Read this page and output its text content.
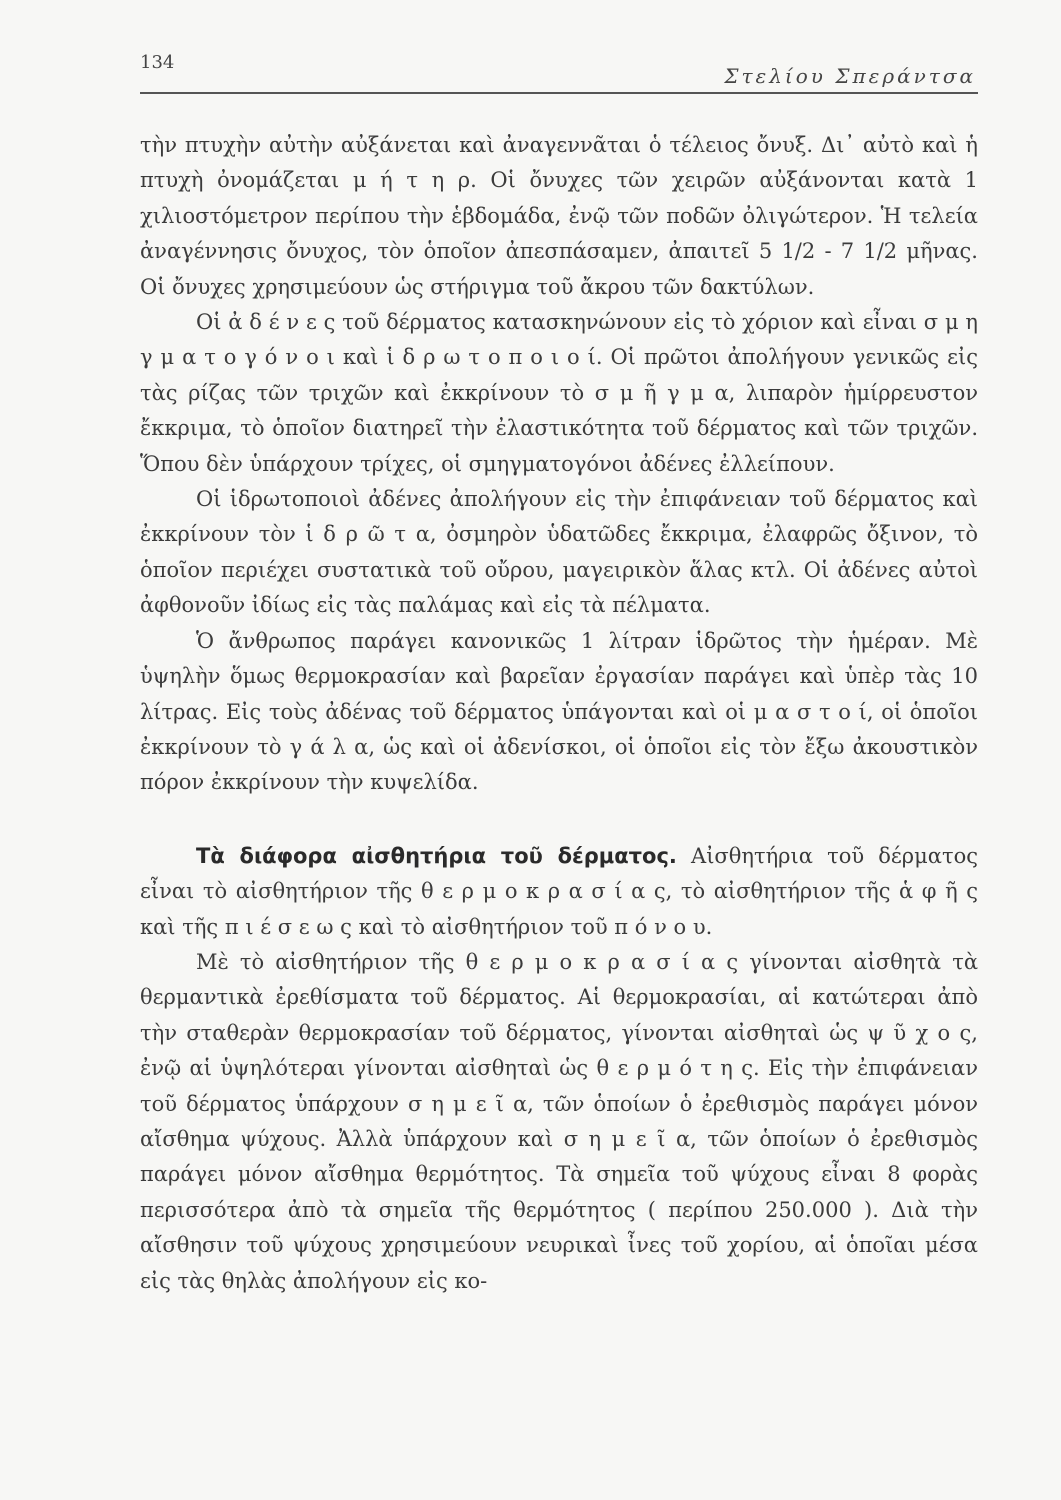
134
Στελίου Σπεράντσα

τὴν πτυχὴν αὐτὴν αὐξάνεται καὶ ἀναγεννᾶται ὁ τέλειος ὄνυξ. Δι᾽ αὐτὸ καὶ ἡ πτυχὴ ὀνομάζεται μ ή τ η ρ. Οἱ ὄνυχες τῶν χειρῶν αὐξάνονται κατὰ 1 χιλιοστόμετρον περίπου τὴν ἑβδομάδα, ἐνῷ τῶν ποδῶν ὀλιγώτερον. Ἡ τελεία ἀναγέννησις ὄνυχος, τὸν ὁποῖον ἀπεσπάσαμεν, ἀπαιτεῖ 5 1/2 - 7 1/2 μῆνας. Οἱ ὄνυχες χρησιμεύουν ὡς στήριγμα τοῦ ἄκρου τῶν δακτύλων.

Οἱ ἀ δ έ ν ε ς τοῦ δέρματος κατασκηνώνουν εἰς τὸ χόριον καὶ εἶναι σ μ η γ μ α τ ο γ ό ν ο ι καὶ ἱ δ ρ ω τ ο π ο ι ο ί. Οἱ πρῶτοι ἀπολήγουν γενικῶς εἰς τὰς ρίζας τῶν τριχῶν καὶ ἐκκρίνουν τὸ σ μ ῆ γ μ α, λιπαρὸν ἡμίρρευστον ἔκκριμα, τὸ ὁποῖον διατηρεῖ τὴν ἐλαστικότητα τοῦ δέρματος καὶ τῶν τριχῶν. Ὅπου δὲν ὑπάρχουν τρίχες, οἱ σμηγματογόνοι ἀδένες ἐλλείπουν.

Οἱ ἱδρωτοποιοὶ ἀδένες ἀπολήγουν εἰς τὴν ἐπιφάνειαν τοῦ δέρματος καὶ ἐκκρίνουν τὸν ἱ δ ρ ῶ τ α, ὀσμηρὸν ὑδατῶδες ἔκκριμα, ἐλαφρῶς ὄξινον, τὸ ὁποῖον περιέχει συστατικὰ τοῦ οὔρου, μαγειρικὸν ἅλας κτλ. Οἱ ἀδένες αὐτοὶ ἀφθονοῦν ἰδίως εἰς τὰς παλάμας καὶ εἰς τὰ πέλματα.

Ὁ ἄνθρωπος παράγει κανονικῶς 1 λίτραν ἱδρῶτος τὴν ἡμέραν. Μὲ ὑψηλὴν ὅμως θερμοκρασίαν καὶ βαρεῖαν ἐργασίαν παράγει καὶ ὑπὲρ τὰς 10 λίτρας. Εἰς τοὺς ἀδένας τοῦ δέρματος ὑπάγονται καὶ οἱ μ α σ τ ο ί, οἱ ὁποῖοι ἐκκρίνουν τὸ γ ά λ α, ὡς καὶ οἱ ἀδενίσκοι, οἱ ὁποῖοι εἰς τὸν ἔξω ἀκουστικὸν πόρον ἐκκρίνουν τὴν κυψελίδα.

Τὰ διάφορα αἰσθητήρια τοῦ δέρματος. Αἰσθητήρια τοῦ δέρματος εἶναι τὸ αἰσθητήριον τῆς θ ε ρ μ ο κ ρ α σ ί α ς, τὸ αἰσθητήριον τῆς ἁ φ ῆ ς καὶ τῆς π ι έ σ ε ω ς καὶ τὸ αἰσθητήριον τοῦ π ό ν ο υ.

Μὲ τὸ αἰσθητήριον τῆς θ ε ρ μ ο κ ρ α σ ί α ς γίνονται αἰσθητὰ τὰ θερμαντικὰ ἐρεθίσματα τοῦ δέρματος. Αἱ θερμοκρασίαι, αἱ κατώτεραι ἀπὸ τὴν σταθερὰν θερμοκρασίαν τοῦ δέρματος, γίνονται αἰσθηταὶ ὡς ψ ῦ χ ο ς, ἐνῷ αἱ ὑψηλότεραι γίνονται αἰσθηταὶ ὡς θ ε ρ μ ό τ η ς. Εἰς τὴν ἐπιφάνειαν τοῦ δέρματος ὑπάρχουν σ η μ ε ῖ α, τῶν ὁποίων ὁ ἐρεθισμὸς παράγει μόνον αἴσθημα ψύχους. Ἀλλὰ ὑπάρχουν καὶ σ η μ ε ῖ α, τῶν ὁποίων ὁ ἐρεθισμὸς παράγει μόνον αἴσθημα θερμότητος. Τὰ σημεῖα τοῦ ψύχους εἶναι 8 φορὰς περισσότερα ἀπὸ τὰ σημεῖα τῆς θερμότητος ( περίπου 250.000 ). Διὰ τὴν αἴσθησιν τοῦ ψύχους χρησιμεύουν νευρικαὶ ἶνες τοῦ χορίου, αἱ ὁποῖαι μέσα εἰς τὰς θηλὰς ἀπολήγουν εἰς κο-
